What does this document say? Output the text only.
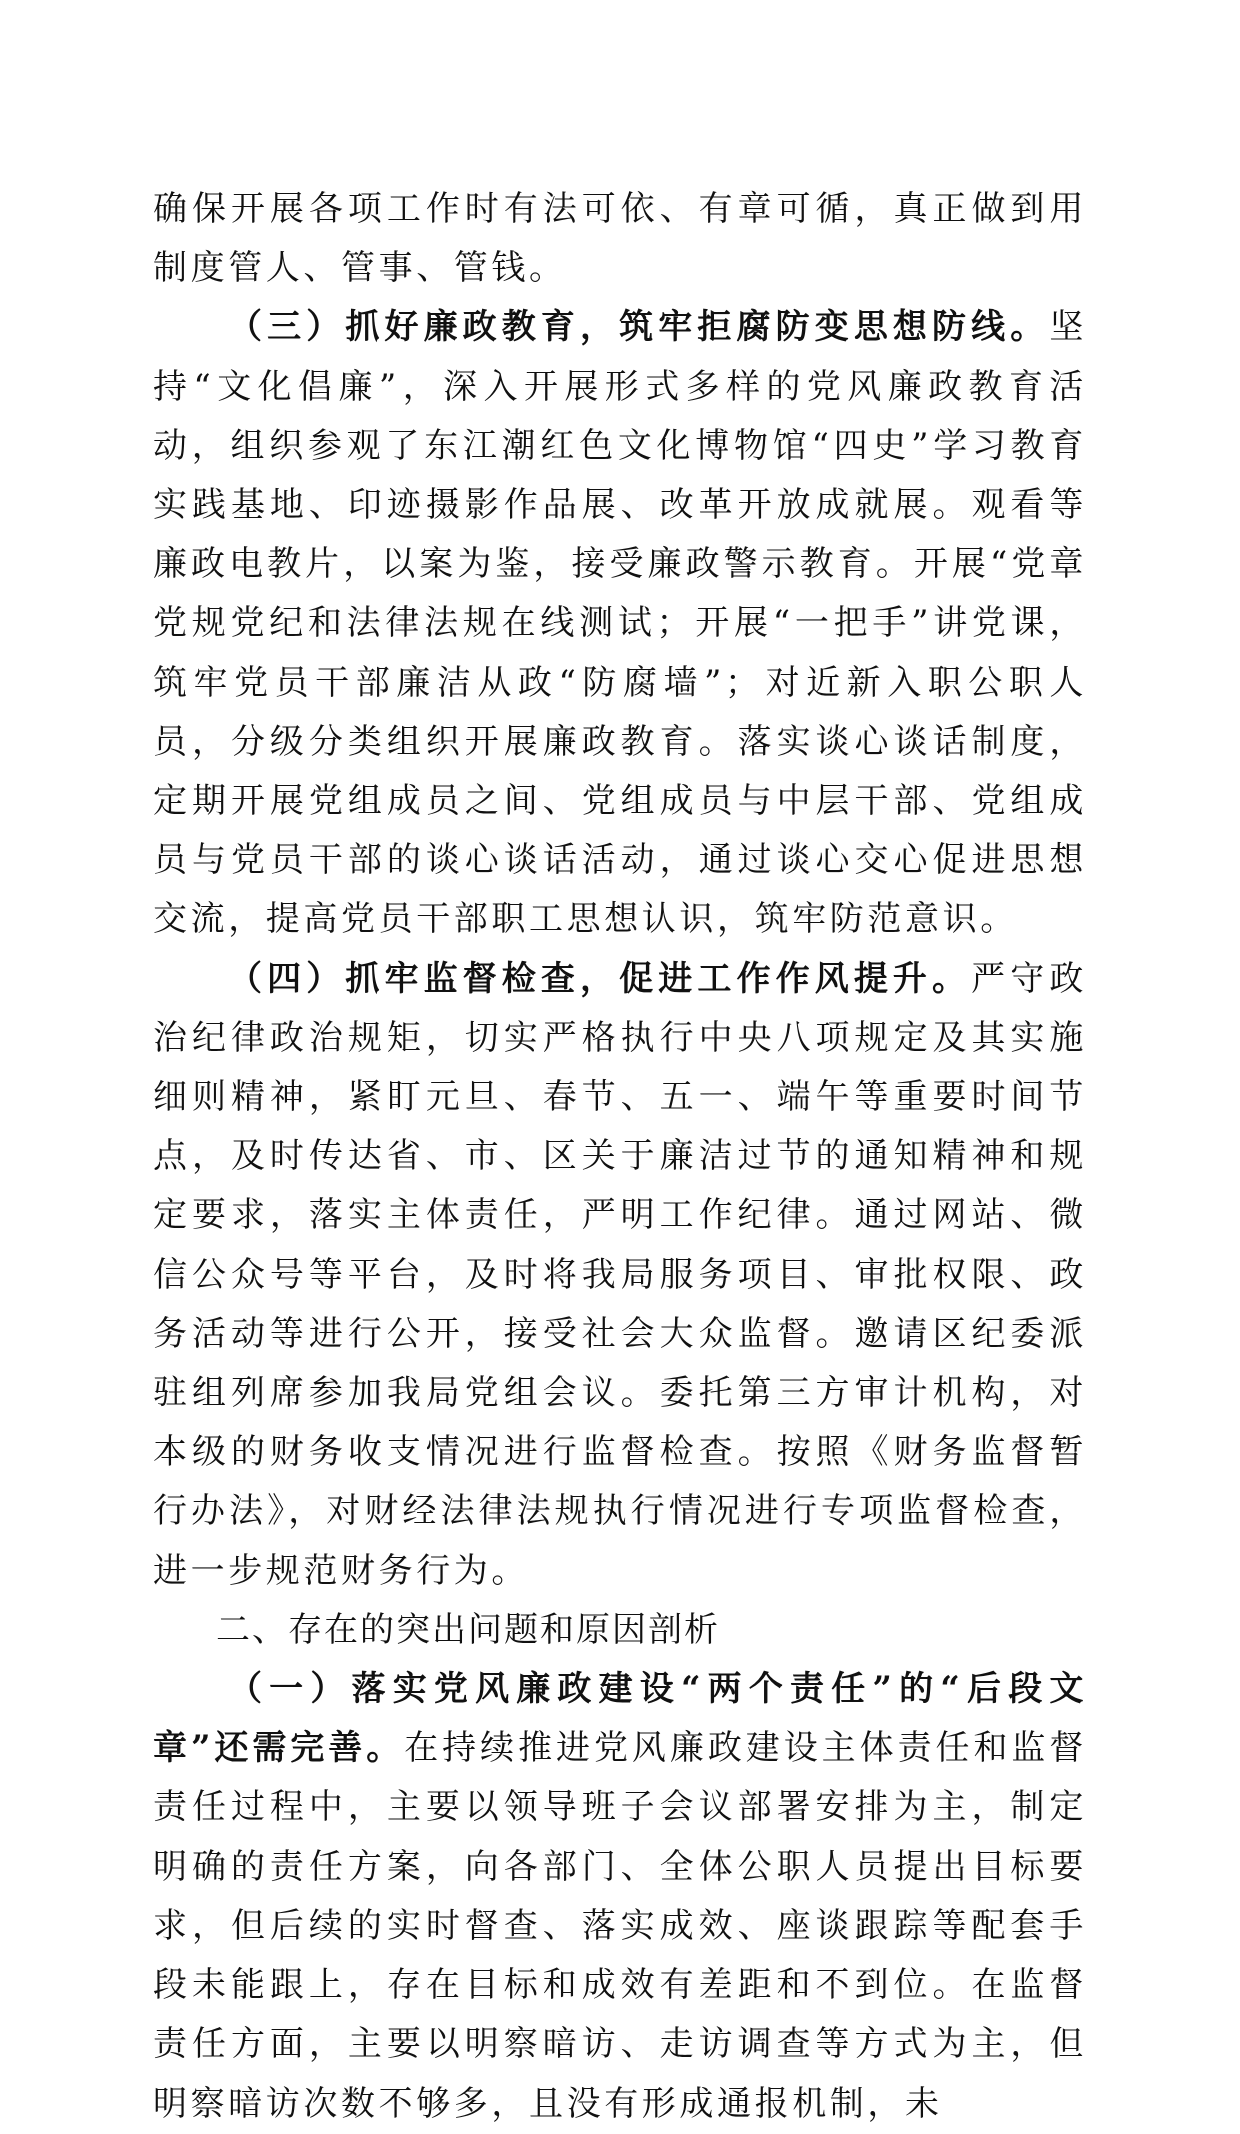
确保开展各项工作时有法可依、有章可循，真正做到用制度管人、管事、管钱。

（三）抓好廉政教育，筑牢拒腐防变思想防线。坚持“文化倡廉”，深入开展形式多样的党风廉政教育活动，组织参观了东江潮红色文化博物馆“四史”学习教育实践基地、印迹摄影作品展、改革开放成就展。观看等廉政电教片，以案为鉴，接受廉政警示教育。开展“党章党规党纪和法律法规在线测试；开展“一把手”讲党课，筑牢党员干部廉洁从政“防腐墙”；对近新入职公职人员，分级分类组织开展廉政教育。落实谈心谈话制度，定期开展党组成员之间、党组成员与中层干部、党组成员与党员干部的谈心谈话活动，通过谈心交心促进思想交流，提高党员干部职工思想认识，筑牢防范意识。

（四）抓牢监督检查，促进工作作风提升。严守政治纪律政治规矩，切实严格执行中央八项规定及其实施细则精神，紧盯元旦、春节、五一、端午等重要时间节点，及时传达省、市、区关于廉洁过节的通知精神和规定要求，落实主体责任，严明工作纪律。通过网站、微信公众号等平台，及时将我局服务项目、审批权限、政务活动等进行公开，接受社会大众监督。邀请区纪委派驻组列席参加我局党组会议。委托第三方审计机构，对本级的财务收支情况进行监督检查。按照《财务监督暂行办法》，对财经法律法规执行情况进行专项监督检查，进一步规范财务行为。

二、存在的突出问题和原因剖析

（一）落实党风廉政建设“两个责任”的“后段文章”还需完善。在持续推进党风廉政建设主体责任和监督责任过程中，主要以领导班子会议部署安排为主，制定明确的责任方案，向各部门、全体公职人员提出目标要求，但后续的实时督查、落实成效、座谈跟踪等配套手段未能跟上，存在目标和成效有差距和不到位。在监督责任方面，主要以明察暗访、走访调查等方式为主，但明察暗访次数不够多，且没有形成通报机制，未
